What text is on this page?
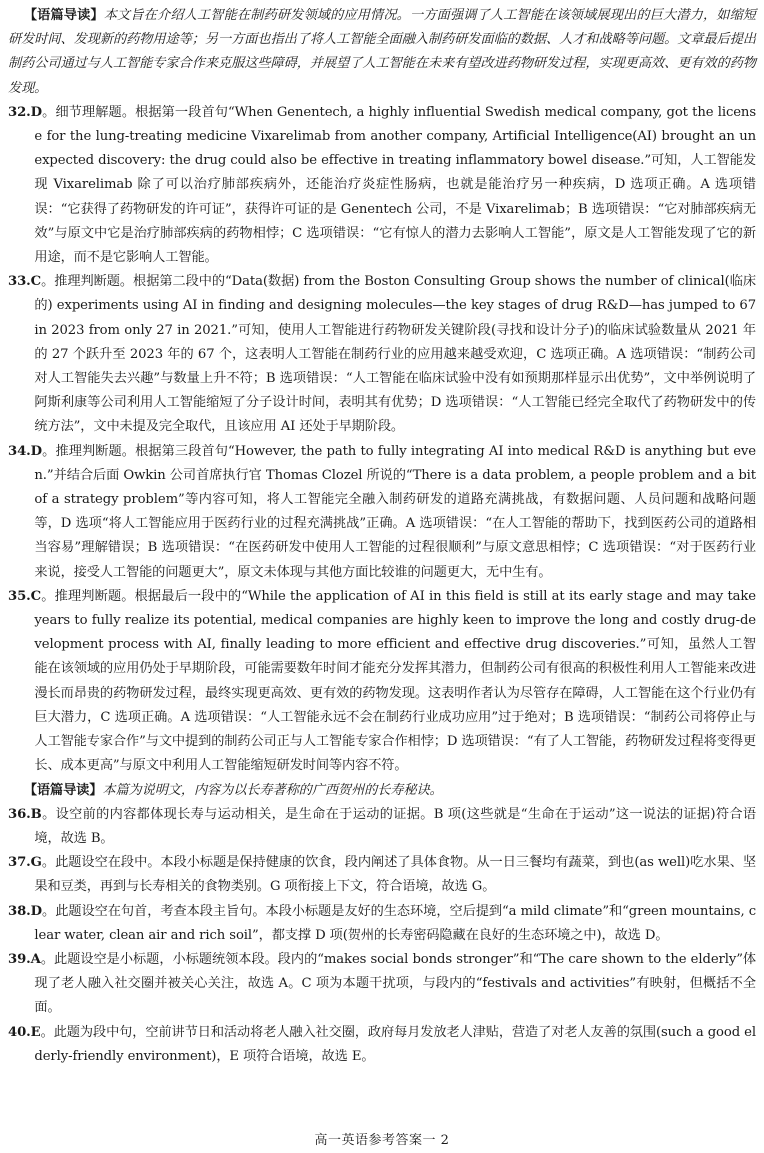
【语篇导读】本文旨在介绍人工智能在制药研发领域的应用情况。一方面强调了人工智能在该领域展现出的巨大潜力，如缩短研发时间、发现新的药物用途等；另一方面也指出了将人工智能全面融入制药研发面临的数据、人才和战略等问题。文章最后提出制药公司通过与人工智能专家合作来克服这些障碍，并展望了人工智能在未来有望改进药物研发过程，实现更高效、更有效的药物发现。

32.D。细节理解题。根据第一段首句“When Genentech, a highly influential Swedish medical company, got the license for the lung-treating medicine Vixarelimab from another company, Artificial Intelligence(AI) brought an unexpected discovery: the drug could also be effective in treating inflammatory bowel disease.”可知，人工智能发现 Vixarelimab 除了可以治疗肺部疾病外，还能治疗炎症性肠病，也就是能治疗另一种疾病，D 选项正确。A 选项错误：“它获得了药物研发的许可证”，获得许可证的是 Genentech 公司，不是 Vixarelimab；B 选项错误：“它对肺部疾病无效”与原文中它是治疗肺部疾病的药物相悖；C 选项错误：“它有惊人的潜力去影响人工智能”，原文是人工智能发现了它的新用途，而不是它影响人工智能。

33.C。推理判断题。根据第二段中的“Data(数据) from the Boston Consulting Group shows the number of clinical(临床的) experiments using AI in finding and designing molecules—the key stages of drug R&D—has jumped to 67 in 2023 from only 27 in 2021.”可知，使用人工智能进行药物研发关键阶段(寻找和设计分子)的临床试验数量从 2021 年的 27 个跃升至 2023 年的 67 个，这表明人工智能在制药行业的应用越来越受欢迎，C 选项正确。A 选项错误：“制药公司对人工智能失去兴趣”与数量上升不符；B 选项错误：“人工智能在临床试验中没有如预期那样显示出优势”，文中举例说明了阿斯利康等公司利用人工智能缩短了分子设计时间，表明其有优势；D 选项错误：“人工智能已经完全取代了药物研发中的传统方法”，文中未提及完全取代，且该应用 AI 还处于早期阶段。

34.D。推理判断题。根据第三段首句“However, the path to fully integrating AI into medical R&D is anything but even.”并结合后面 Owkin 公司首席执行官 Thomas Clozel 所说的“There is a data problem, a people problem and a bit of a strategy problem”等内容可知，将人工智能完全融入制药研发的道路充满挑战，有数据问题、人员问题和战略问题等，D 选项“将人工智能应用于医药行业的过程充满挑战”正确。A 选项错误：“在人工智能的帮助下，找到医药公司的道路相当容易”理解错误；B 选项错误：“在医药研发中使用人工智能的过程很顺利”与原文意思相悖；C 选项错误：“对于医药行业来说，接受人工智能的问题更大”，原文未体现与其他方面比较谁的问题更大，无中生有。

35.C。推理判断题。根据最后一段中的“While the application of AI in this field is still at its early stage and may take years to fully realize its potential, medical companies are highly keen to improve the long and costly drug-development process with AI, finally leading to more efficient and effective drug discoveries.”可知，虽然人工智能在该领域的应用仍处于早期阶段，可能需要数年时间才能充分发挥其潜力，但制药公司有很高的积极性利用人工智能来改进漫长而昂贵的药物研发过程，最终实现更高效、更有效的药物发现。这表明作者认为尽管存在障碍，人工智能在这个行业仍有巨大潜力，C 选项正确。A 选项错误：“人工智能永远不会在制药行业成功应用”过于绝对；B 选项错误：“制药公司将停止与人工智能专家合作”与文中提到的制药公司正与人工智能专家合作相悖；D 选项错误：“有了人工智能，药物研发过程将变得更长、成本更高”与原文中利用人工智能缩短研发时间等内容不符。

【语篇导读】本篇为说明文，内容为以长寿著称的广西贺州的长寿秘诀。

36.B。设空前的内容都体现长寿与运动相关，是生命在于运动的证据。B 项(这些就是“生命在于运动”这一说法的证据)符合语境，故选 B。

37.G。此题设空在段中。本段小标题是保持健康的饮食，段内阐述了具体食物。从一日三餐均有蔬菜，到也(as well)吃水果、坚果和豆类，再到与长寿相关的食物类别。G 项衔接上下文，符合语境，故选 G。

38.D。此题设空在句首，考查本段主旨句。本段小标题是友好的生态环境，空后提到“a mild climate”和“green mountains, clear water, clean air and rich soil”，都支撑 D 项(贺州的长寿密码隐藏在良好的生态环境之中)，故选 D。

39.A。此题设空是小标题，小标题统领本段。段内的“makes social bonds stronger”和“The care shown to the elderly”体现了老人融入社交圈并被关心关注，故选 A。C 项为本题干扰项，与段内的“festivals and activities”有映射，但概括不全面。

40.E。此题为段中句，空前讲节日和活动将老人融入社交圈，政府每月发放老人津贴，营造了对老人友善的氛围(such a good elderly-friendly environment)，E 项符合语境，故选 E。

高一英语参考答案一 2
